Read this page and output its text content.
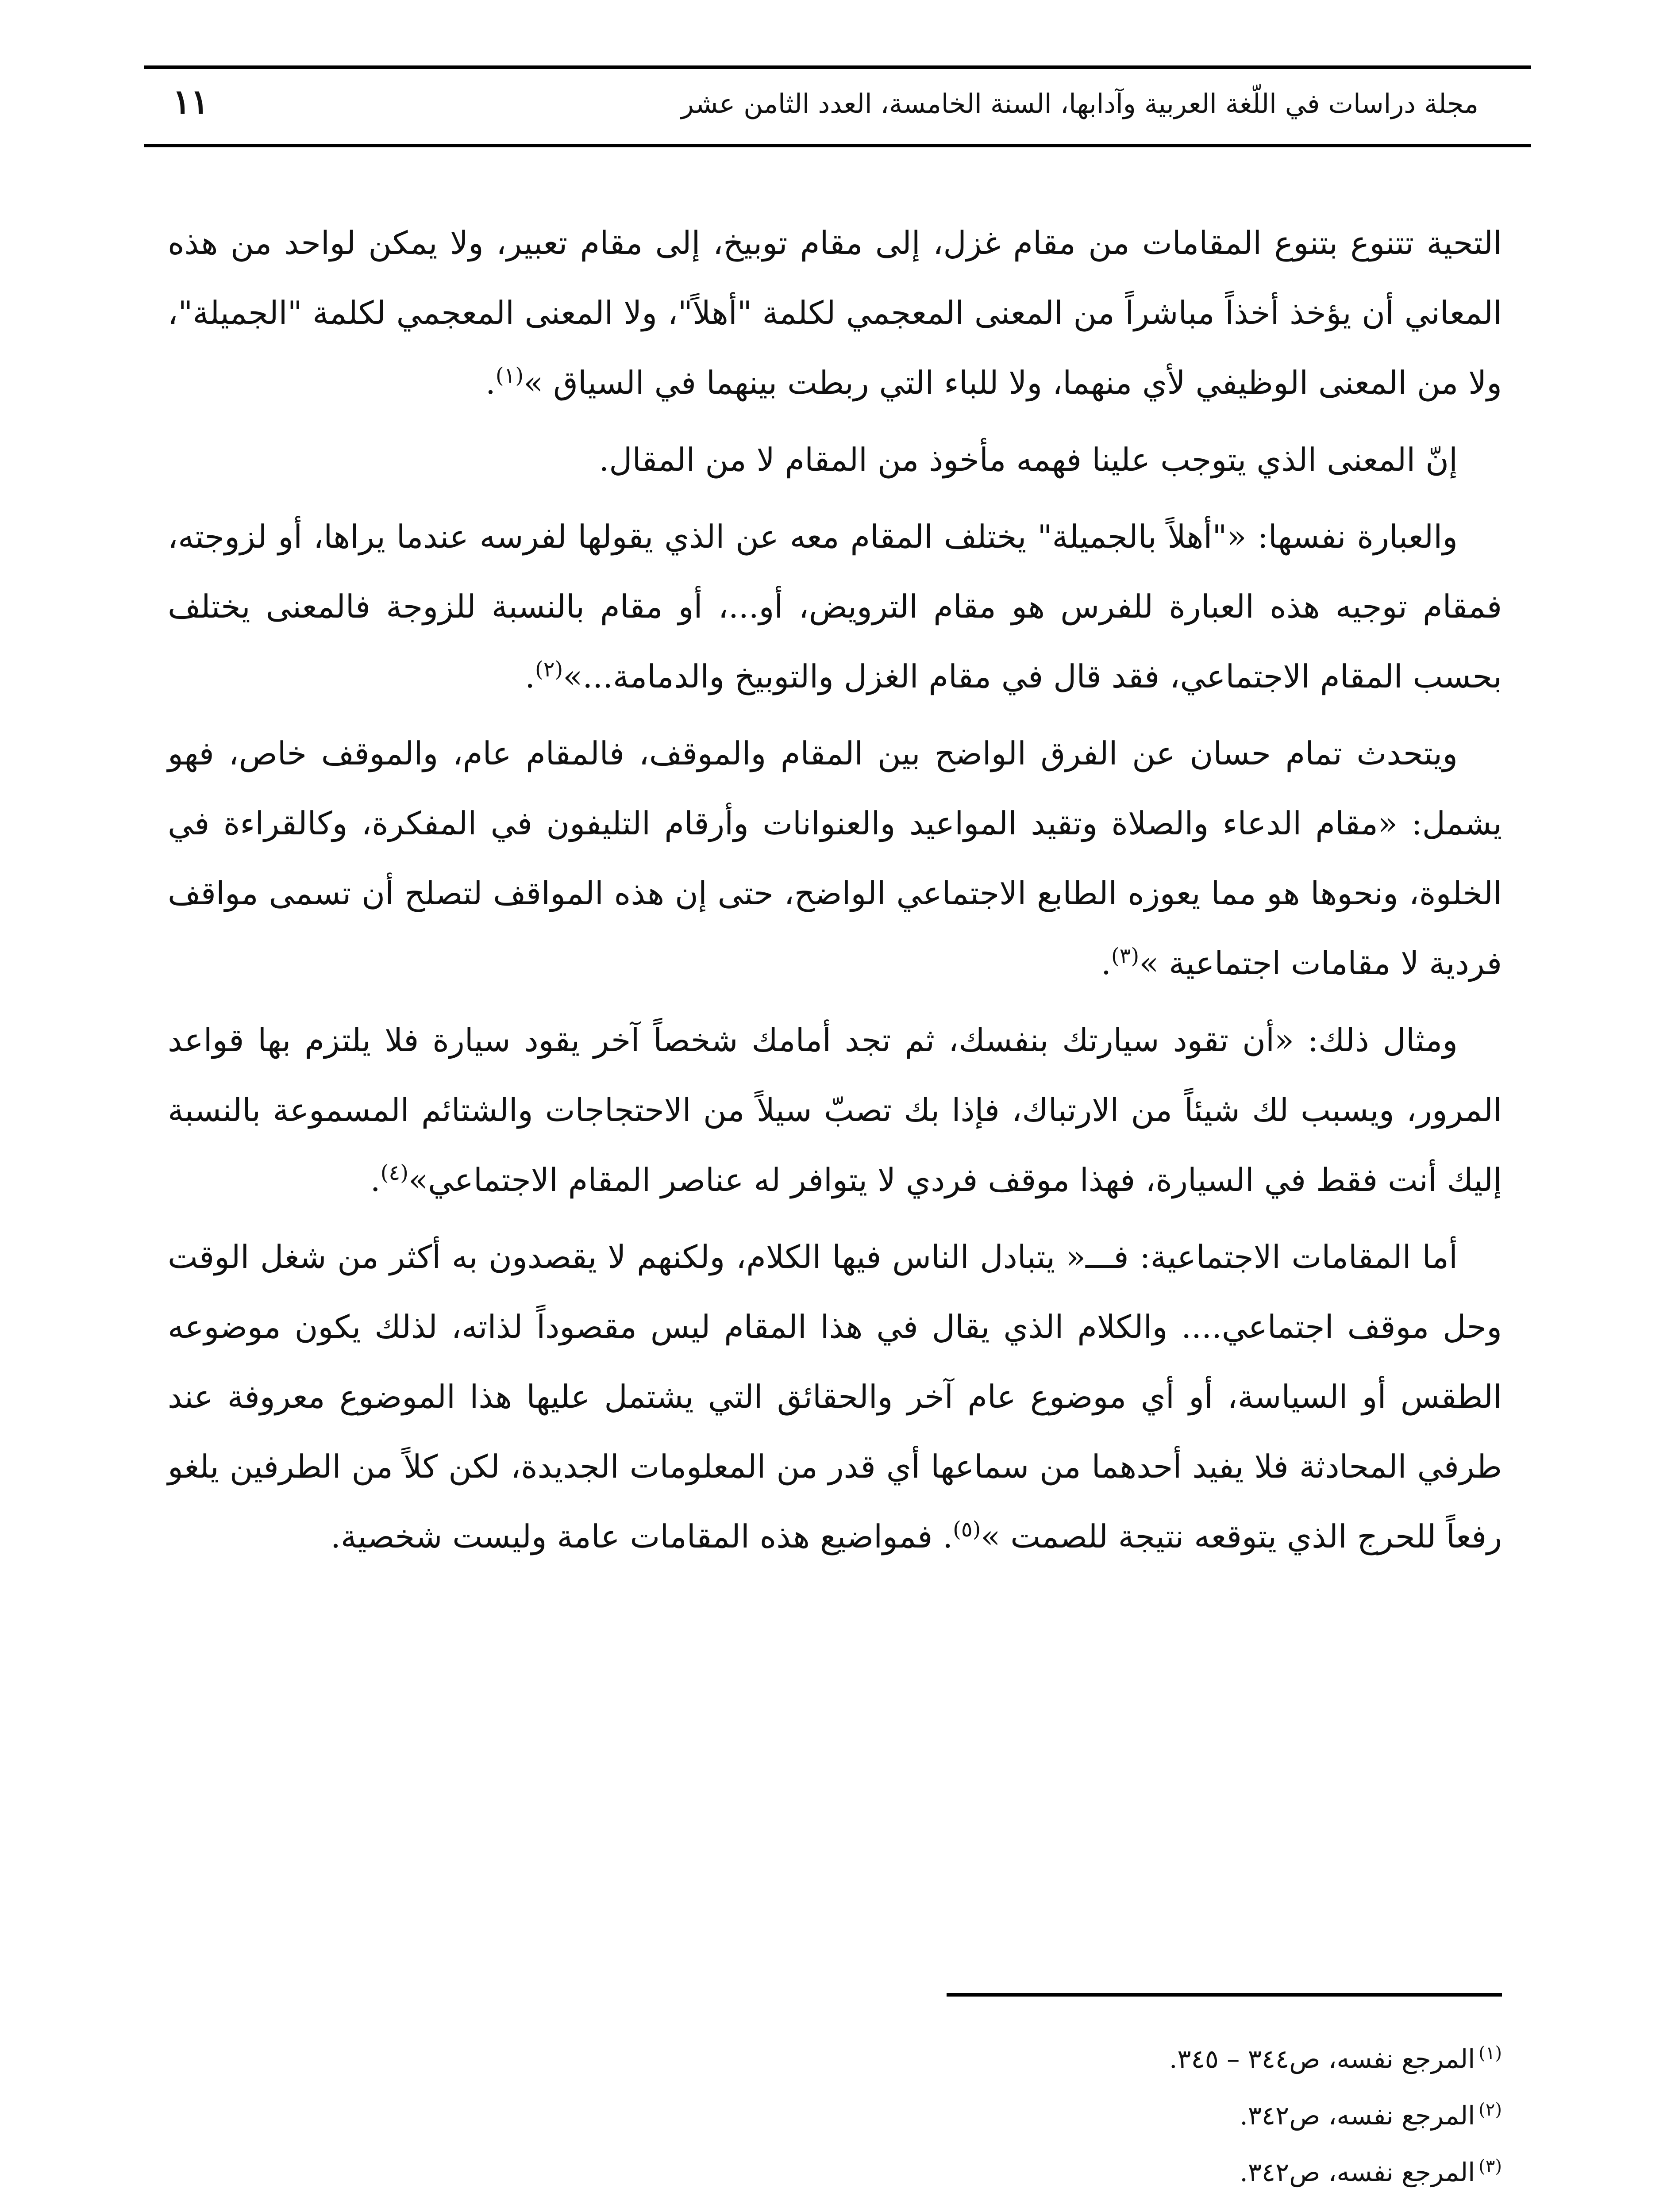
مجلة دراسات في اللّغة العربية وآدابها، السنة الخامسة، العدد الثامن عشر
١١

التحية تتنوع بتنوع المقامات من مقام غزل، إلى مقام توبيخ، إلى مقام تعبير، ولا يمكن لواحد من هذه المعاني أن يؤخذ أخذاً مباشراً من المعنى المعجمي لكلمة "أهلاً"، ولا المعنى المعجمي لكلمة "الجميلة"، ولا من المعنى الوظيفي لأي منهما، ولا للباء التي ربطت بينهما في السياق »$^{(١)}$.

إنّ المعنى الذي يتوجب علينا فهمه مأخوذ من المقام لا من المقال.

والعبارة نفسها: «"أهلاً بالجميلة" يختلف المقام معه عن الذي يقولها لفرسه عندما يراها، أو لزوجته، فمقام توجيه هذه العبارة للفرس هو مقام الترويض، أو...، أو مقام بالنسبة للزوجة فالمعنى يختلف بحسب المقام الاجتماعي، فقد قال في مقام الغزل والتوبيخ والدمامة...»$^{(٢)}$.

ويتحدث تمام حسان عن الفرق الواضح بين المقام والموقف، فالمقام عام، والموقف خاص، فهو يشمل: «مقام الدعاء والصلاة وتقيد المواعيد والعنوانات وأرقام التليفون في المفكرة، وكالقراءة في الخلوة، ونحوها هو مما يعوزه الطابع الاجتماعي الواضح، حتى إن هذه المواقف لتصلح أن تسمى مواقف فردية لا مقامات اجتماعية »$^{(٣)}$.

ومثال ذلك: «أن تقود سيارتك بنفسك، ثم تجد أمامك شخصاً آخر يقود سيارة فلا يلتزم بها قواعد المرور، ويسبب لك شيئاً من الارتباك، فإذا بك تصبّ سيلاً من الاحتجاجات والشتائم المسموعة بالنسبة إليك أنت فقط في السيارة، فهذا موقف فردي لا يتوافر له عناصر المقام الاجتماعي»$^{(٤)}$.

أما المقامات الاجتماعية: فـــ« يتبادل الناس فيها الكلام، ولكنهم لا يقصدون به أكثر من شغل الوقت وحل موقف اجتماعي.... والكلام الذي يقال في هذا المقام ليس مقصوداً لذاته، لذلك يكون موضوعه الطقس أو السياسة، أو أي موضوع عام آخر والحقائق التي يشتمل عليها هذا الموضوع معروفة عند طرفي المحادثة فلا يفيد أحدهما من سماعها أي قدر من المعلومات الجديدة، لكن كلاً من الطرفين يلغو رفعاً للحرج الذي يتوقعه نتيجة للصمت »$^{(٥)}$. فمواضيع هذه المقامات عامة وليست شخصية.

$^{(١)}$المرجع نفسه، ص٣٤٤ – ٣٤٥.

$^{(٢)}$المرجع نفسه، ص٣٤٢.

$^{(٣)}$المرجع نفسه، ص٣٤٢.
